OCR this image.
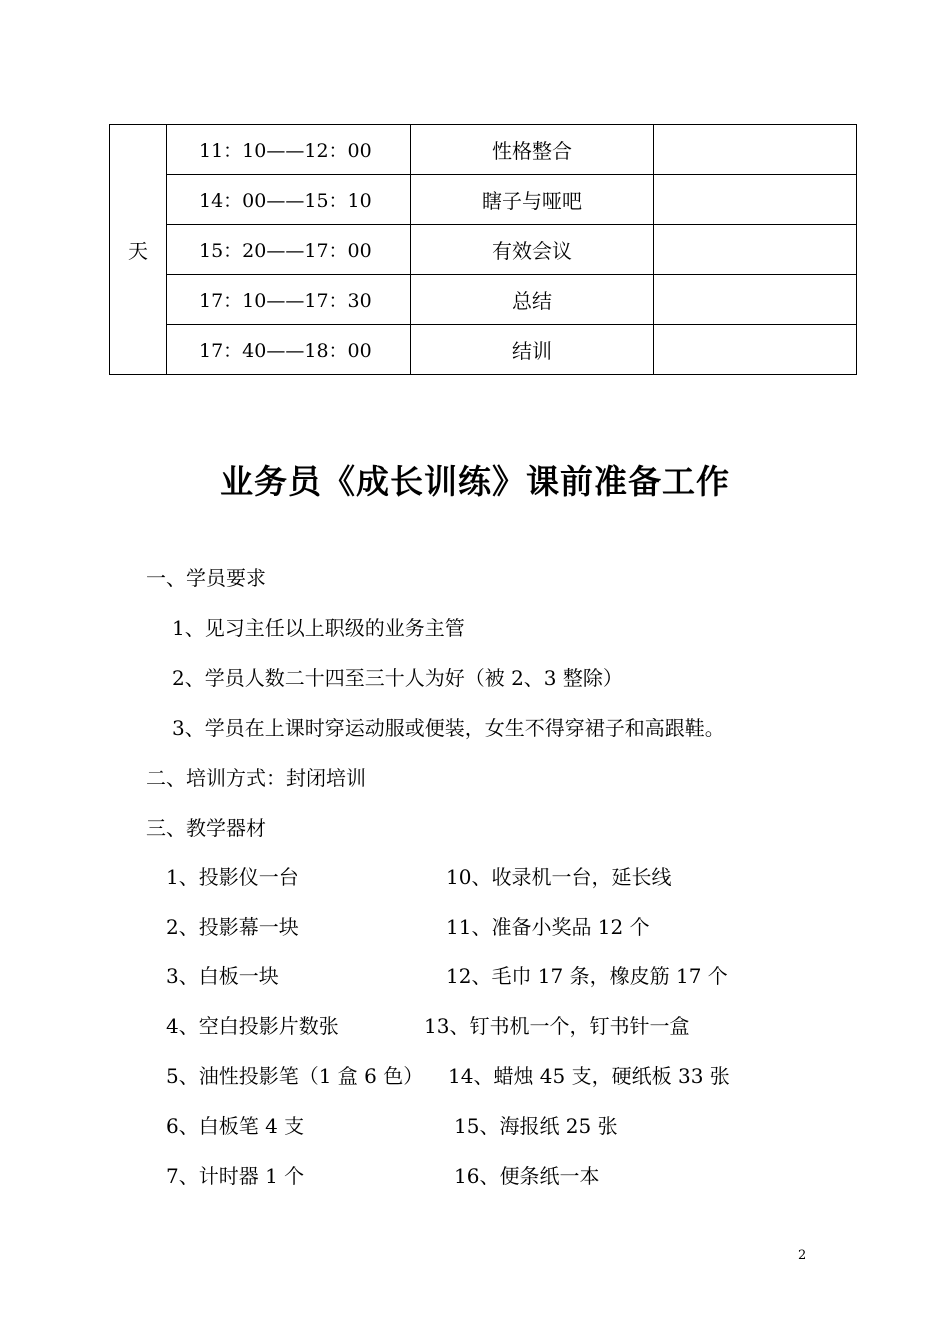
天	11：10——12：00	性格整合	
	14：00——15：10	瞎子与哑吧	
	15：20——17：00	有效会议	
	17：10——17：30	总结	
	17：40——18：00	结训	
业务员《成长训练》课前准备工作
一、学员要求
1、见习主任以上职级的业务主管
2、学员人数二十四至三十人为好（被 2、3 整除）
3、学员在上课时穿运动服或便装，女生不得穿裙子和高跟鞋。
二、培训方式：封闭培训
三、教学器材
1、投影仪一台
2、投影幕一块
3、白板一块
4、空白投影片数张
5、油性投影笔（1 盒 6 色）
6、白板笔 4 支
7、计时器 1 个
10、收录机一台，延长线
11、准备小奖品 12 个
12、毛巾 17 条，橡皮筋 17 个
13、钉书机一个，钉书针一盒
14、蜡烛 45 支，硬纸板 33 张
15、海报纸 25 张
16、便条纸一本
2
